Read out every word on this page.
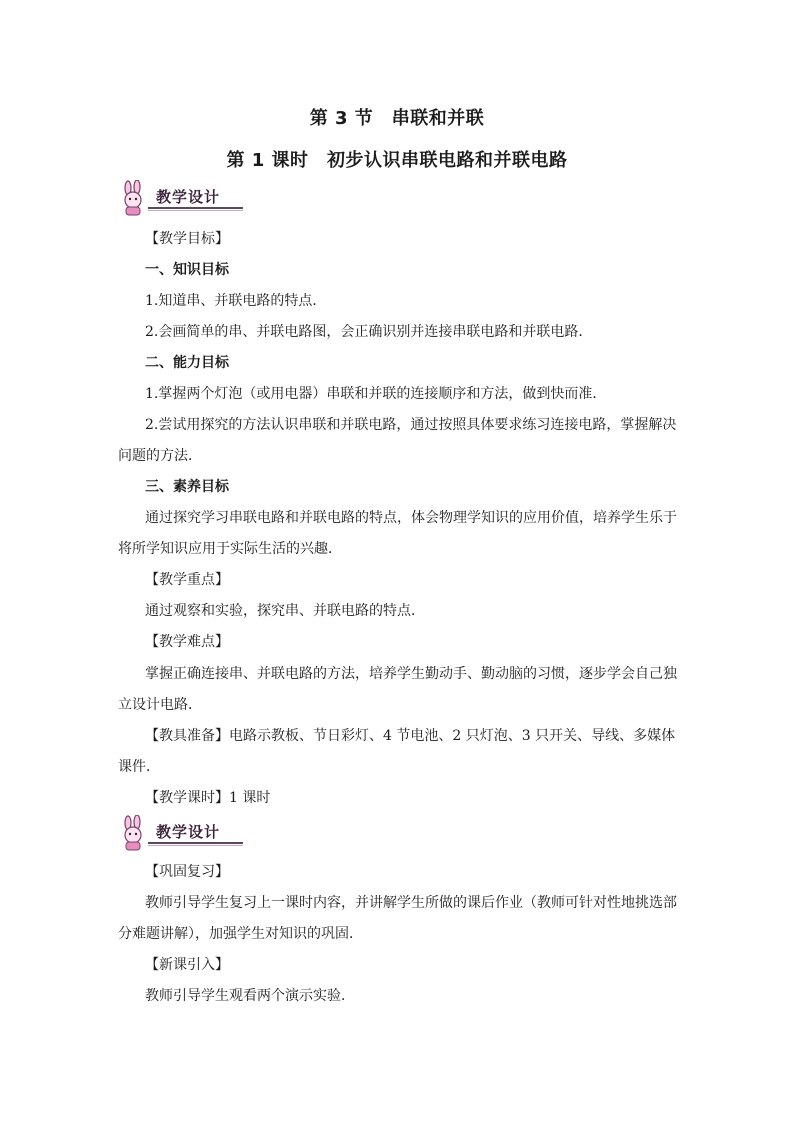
第 3 节　串联和并联
第 1 课时　初步认识串联电路和并联电路
教学设计
【教学目标】
一、知识目标
1.知道串、并联电路的特点．
2.会画简单的串、并联电路图，会正确识别并连接串联电路和并联电路．
二、能力目标
1.掌握两个灯泡（或用电器）串联和并联的连接顺序和方法，做到快而准．
2.尝试用探究的方法认识串联和并联电路，通过按照具体要求练习连接电路，掌握解决
问题的方法．
三、素养目标
通过探究学习串联电路和并联电路的特点，体会物理学知识的应用价值，培养学生乐于
将所学知识应用于实际生活的兴趣．
【教学重点】
通过观察和实验，探究串、并联电路的特点．
【教学难点】
掌握正确连接串、并联电路的方法，培养学生勤动手、勤动脑的习惯，逐步学会自己独
立设计电路．
【教具准备】电路示教板、节日彩灯、4 节电池、2 只灯泡、3 只开关、导线、多媒体
课件．
【教学课时】1 课时
教学设计
【巩固复习】
教师引导学生复习上一课时内容，并讲解学生所做的课后作业（教师可针对性地挑选部
分难题讲解），加强学生对知识的巩固．
【新课引入】
教师引导学生观看两个演示实验．
